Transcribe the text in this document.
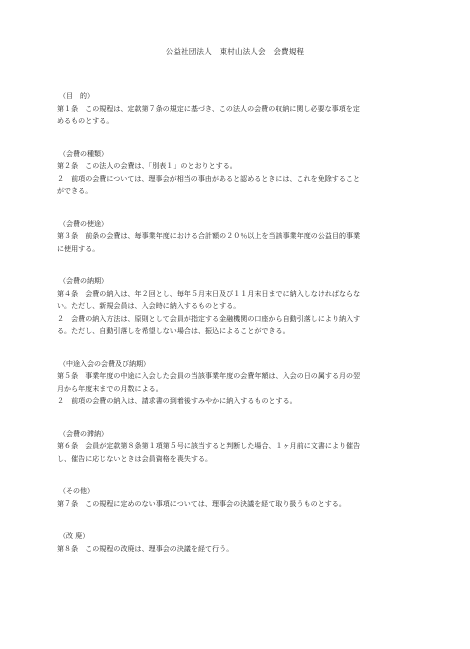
公益社団法人　東村山法人会　会費規程
（目　的）
第１条　この規程は、定款第７条の規定に基づき、この法人の会費の収納に関し必要な事項を定
めるものとする。
（会費の種類）
第２条　この法人の会費は、「別表１」のとおりとする。
２　前項の会費については、理事会が相当の事由があると認めるときには、これを免除すること
ができる。
（会費の使途）
第３条　前条の会費は、毎事業年度における合計額の２０％以上を当該事業年度の公益目的事業
に使用する。
（会費の納期）
第４条　会費の納入は、年２回とし、毎年５月末日及び１１月末日までに納入しなければならな
い。ただし、新規会員は、入会時に納入するものとする。
２　会費の納入方法は、原則として会員が指定する金融機関の口座から自動引落しにより納入す
る。ただし、自動引落しを希望しない場合は、振込によることができる。
（中途入会の会費及び納期）
第５条　事業年度の中途に入会した会員の当該事業年度の会費年額は、入会の日の属する月の翌
月から年度末までの月数による。
２　前項の会費の納入は、請求書の到着後すみやかに納入するものとする。
（会費の滞納）
第６条　会員が定款第８条第１項第５号に該当すると判断した場合、１ヶ月前に文書により催告
し、催告に応じないときは会員資格を喪失する。
（その他）
第７条　この規程に定めのない事項については、理事会の決議を経て取り扱うものとする。
（改 廃）
第８条　この規程の改廃は、理事会の決議を経て行う。
